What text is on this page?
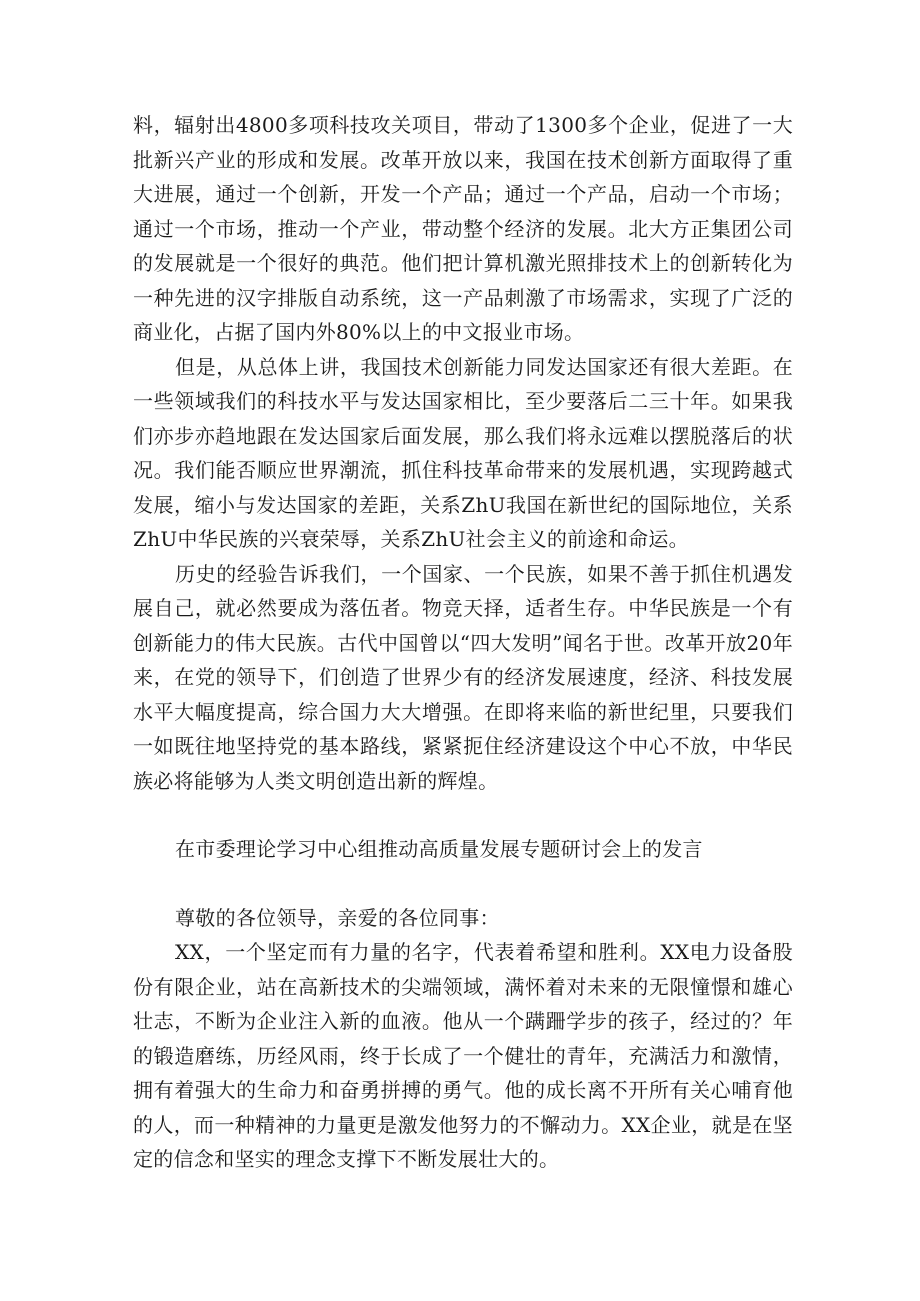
料，辐射出4800多项科技攻关项目，带动了1300多个企业，促进了一大批新兴产业的形成和发展。改革开放以来，我国在技术创新方面取得了重大进展，通过一个创新，开发一个产品；通过一个产品，启动一个市场；通过一个市场，推动一个产业，带动整个经济的发展。北大方正集团公司的发展就是一个很好的典范。他们把计算机激光照排技术上的创新转化为一种先进的汉字排版自动系统，这一产品刺激了市场需求，实现了广泛的商业化，占据了国内外80%以上的中文报业市场。

但是，从总体上讲，我国技术创新能力同发达国家还有很大差距。在一些领域我们的科技水平与发达国家相比，至少要落后二三十年。如果我们亦步亦趋地跟在发达国家后面发展，那么我们将永远难以摆脱落后的状况。我们能否顺应世界潮流，抓住科技革命带来的发展机遇，实现跨越式发展，缩小与发达国家的差距，关系ZhU我国在新世纪的国际地位，关系ZhU中华民族的兴衰荣辱，关系ZhU社会主义的前途和命运。

历史的经验告诉我们，一个国家、一个民族，如果不善于抓住机遇发展自己，就必然要成为落伍者。物竞天择，适者生存。中华民族是一个有创新能力的伟大民族。古代中国曾以“四大发明”闻名于世。改革开放20年来，在党的领导下，们创造了世界少有的经济发展速度，经济、科技发展水平大幅度提高，综合国力大大增强。在即将来临的新世纪里，只要我们一如既往地坚持党的基本路线，紧紧扼住经济建设这个中心不放，中华民族必将能够为人类文明创造出新的辉煌。

在市委理论学习中心组推动高质量发展专题研讨会上的发言

尊敬的各位领导，亲爱的各位同事：

XX，一个坚定而有力量的名字，代表着希望和胜利。XX电力设备股份有限企业，站在高新技术的尖端领域，满怀着对未来的无限憧憬和雄心壮志，不断为企业注入新的血液。他从一个蹒跚学步的孩子，经过的？年的锻造磨练，历经风雨，终于长成了一个健壮的青年，充满活力和激情，拥有着强大的生命力和奋勇拼搏的勇气。他的成长离不开所有关心哺育他的人，而一种精神的力量更是激发他努力的不懈动力。XX企业，就是在坚定的信念和坚实的理念支撑下不断发展壮大的。
